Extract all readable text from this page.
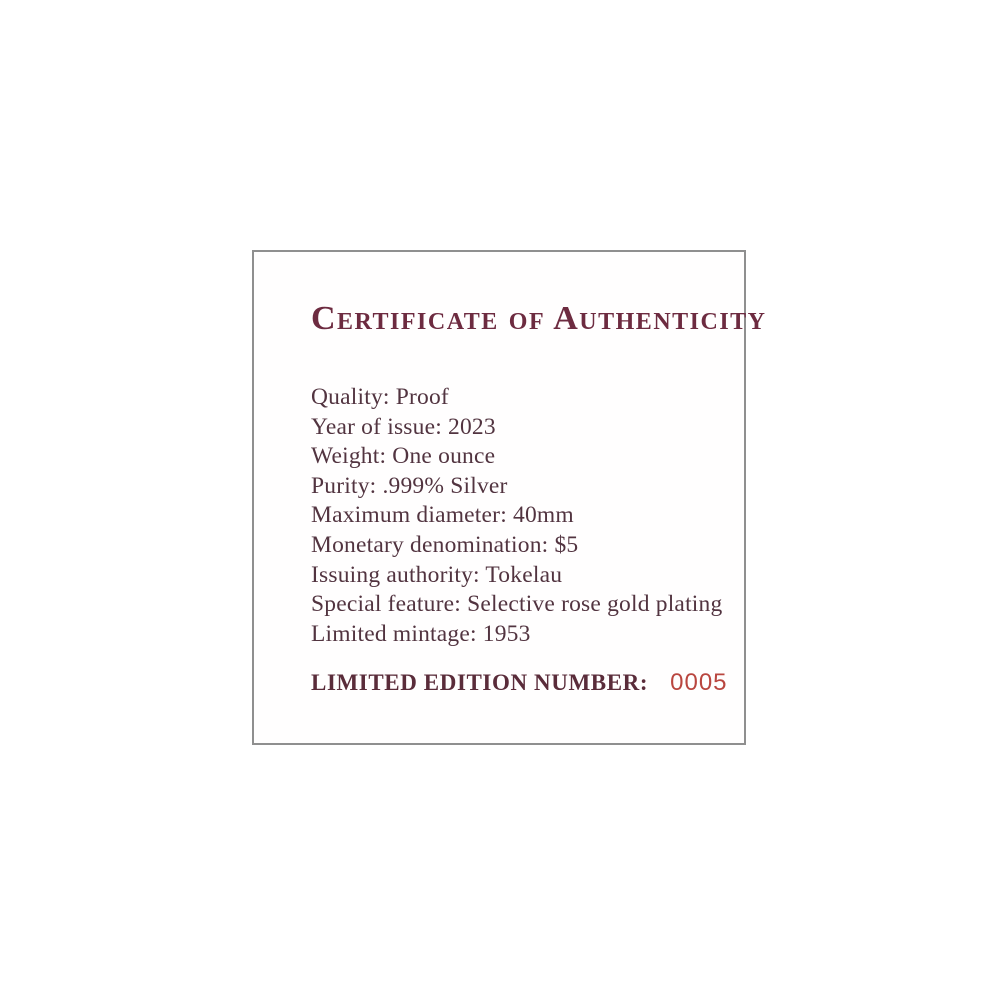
Certificate of Authenticity
Quality: Proof
Year of issue: 2023
Weight: One ounce
Purity: .999% Silver
Maximum diameter: 40mm
Monetary denomination: $5
Issuing authority: Tokelau
Special feature: Selective rose gold plating
Limited mintage: 1953
LIMITED EDITION NUMBER: 0005
